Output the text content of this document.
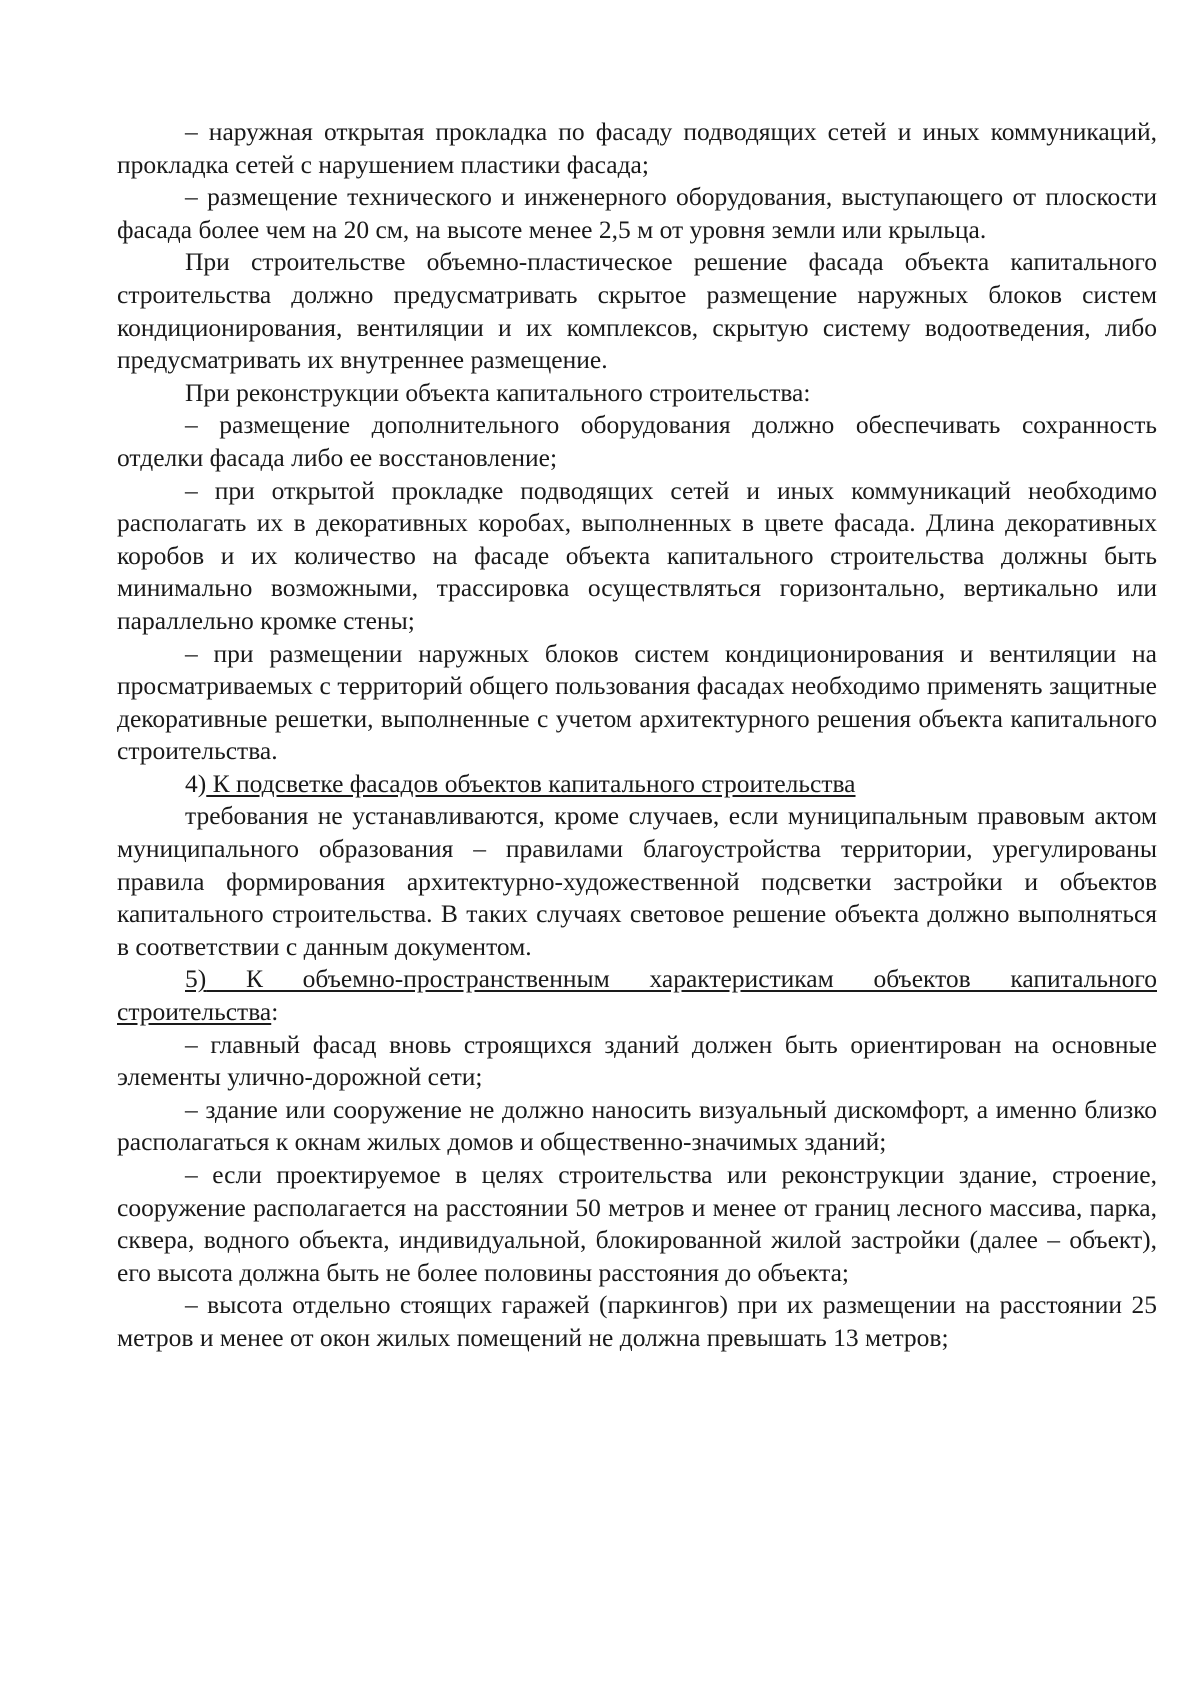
– наружная открытая прокладка по фасаду подводящих сетей и иных коммуникаций, прокладка сетей с нарушением пластики фасада;

– размещение технического и инженерного оборудования, выступающего от плоскости фасада более чем на 20 см, на высоте менее 2,5 м от уровня земли или крыльца.

При строительстве объемно-пластическое решение фасада объекта капитального строительства должно предусматривать скрытое размещение наружных блоков систем кондиционирования, вентиляции и их комплексов, скрытую систему водоотведения, либо предусматривать их внутреннее размещение.

При реконструкции объекта капитального строительства:

– размещение дополнительного оборудования должно обеспечивать сохранность отделки фасада либо ее восстановление;

– при открытой прокладке подводящих сетей и иных коммуникаций необходимо располагать их в декоративных коробах, выполненных в цвете фасада. Длина декоративных коробов и их количество на фасаде объекта капитального строительства должны быть минимально возможными, трассировка осуществляться горизонтально, вертикально или параллельно кромке стены;

– при размещении наружных блоков систем кондиционирования и вентиляции на просматриваемых с территорий общего пользования фасадах необходимо применять защитные декоративные решетки, выполненные с учетом архитектурного решения объекта капитального строительства.

4) К подсветке фасадов объектов капитального строительства

требования не устанавливаются, кроме случаев, если муниципальным правовым актом муниципального образования – правилами благоустройства территории, урегулированы правила формирования архитектурно-художественной подсветки застройки и объектов капитального строительства. В таких случаях световое решение объекта должно выполняться в соответствии с данным документом.

5) К объемно-пространственным характеристикам объектов капитального строительства:

– главный фасад вновь строящихся зданий должен быть ориентирован на основные элементы улично-дорожной сети;

– здание или сооружение не должно наносить визуальный дискомфорт, а именно близко располагаться к окнам жилых домов и общественно-значимых зданий;

– если проектируемое в целях строительства или реконструкции здание, строение, сооружение располагается на расстоянии 50 метров и менее от границ лесного массива, парка, сквера, водного объекта, индивидуальной, блокированной жилой застройки (далее – объект), его высота должна быть не более половины расстояния до объекта;

– высота отдельно стоящих гаражей (паркингов) при их размещении на расстоянии 25 метров и менее от окон жилых помещений не должна превышать 13 метров;
